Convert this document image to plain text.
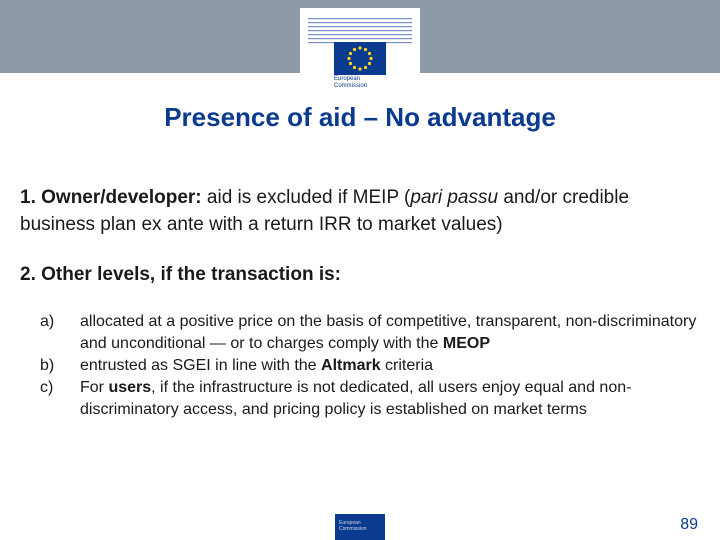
European
Commission
Presence of aid – No advantage
1. Owner/developer: aid is excluded if MEIP (pari passu and/or credible business plan ex ante with a return IRR to market values)
2. Other levels, if the transaction is:
a)	allocated at a positive price on the basis of competitive, transparent, non-discriminatory and unconditional — or to charges comply with the MEOP
b)	entrusted as SGEI in line with the Altmark criteria
c)	For users, if the infrastructure is not dedicated, all users enjoy equal and non-discriminatory access, and pricing policy is established on market terms
European Commission	89
